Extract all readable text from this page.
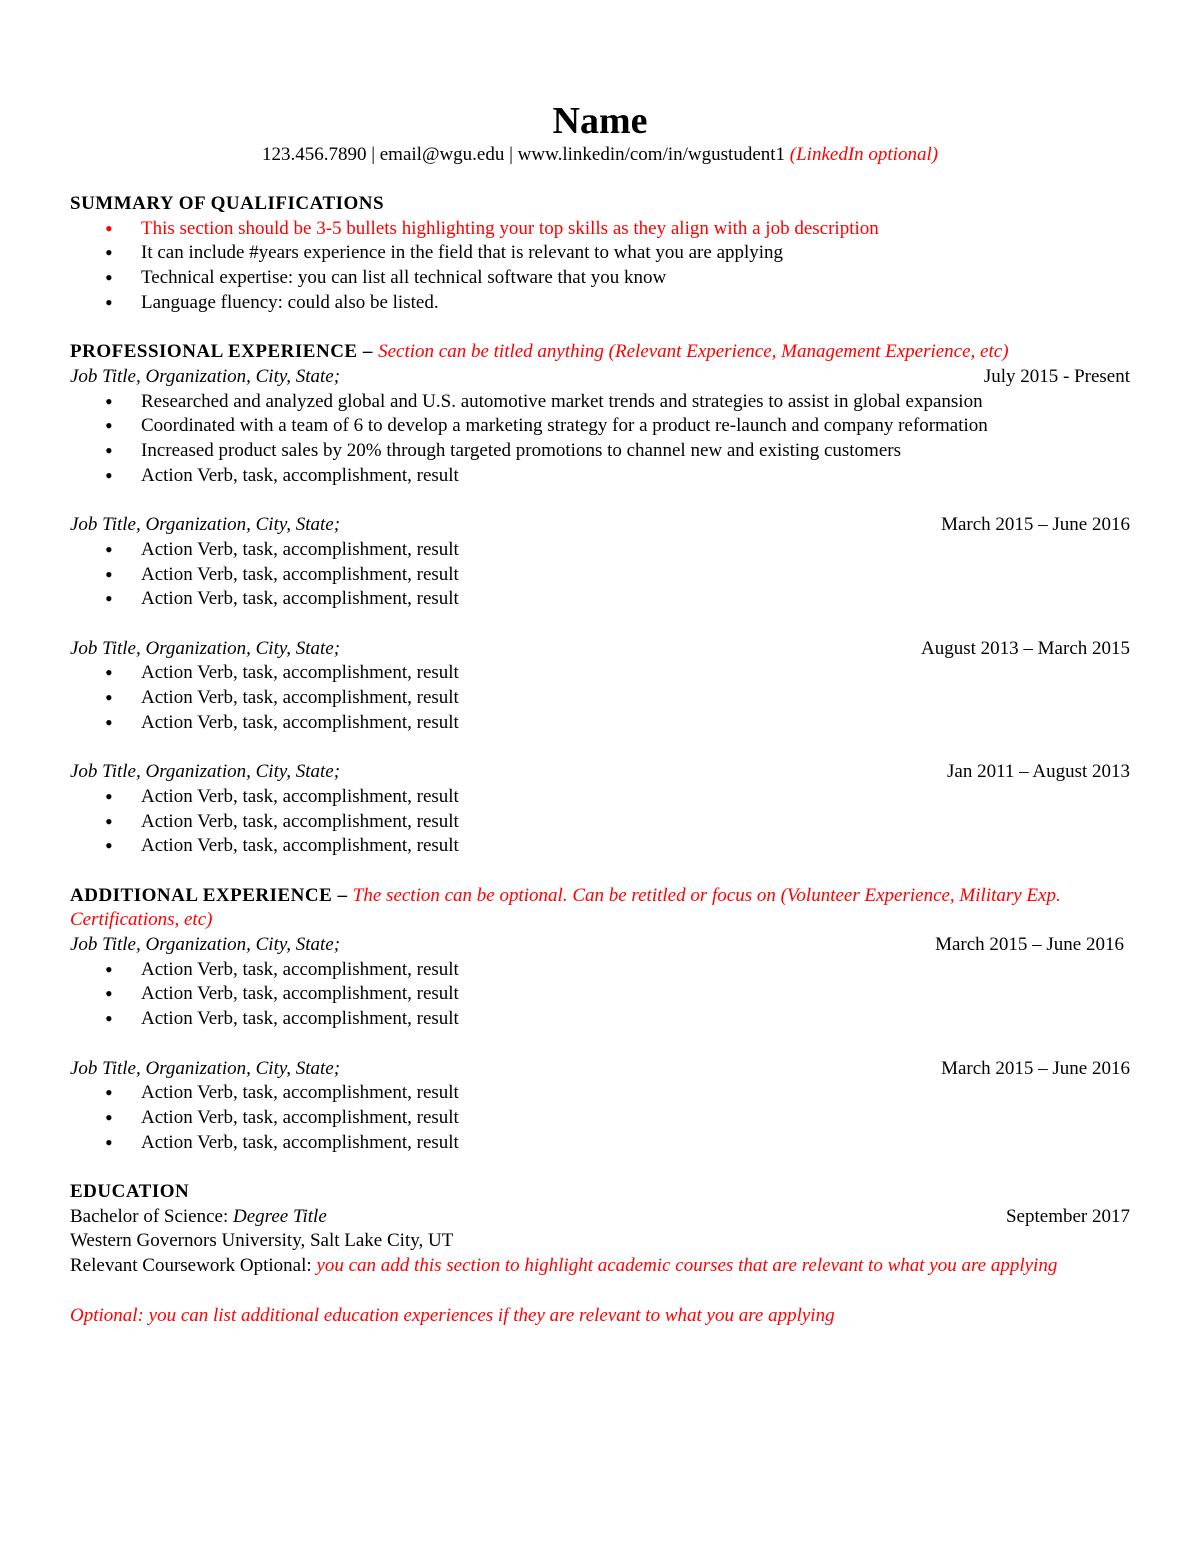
Name
123.456.7890 | email@wgu.edu | www.linkedin/com/in/wgustudent1 (LinkedIn optional)
SUMMARY OF QUALIFICATIONS
• This section should be 3-5 bullets highlighting your top skills as they align with a job description
• It can include #years experience in the field that is relevant to what you are applying
• Technical expertise: you can list all technical software that you know
• Language fluency: could also be listed.
PROFESSIONAL EXPERIENCE – Section can be titled anything (Relevant Experience, Management Experience, etc)
Job Title, Organization, City, State;	July 2015 - Present
• Researched and analyzed global and U.S. automotive market trends and strategies to assist in global expansion
• Coordinated with a team of 6 to develop a marketing strategy for a product re-launch and company reformation
• Increased product sales by 20% through targeted promotions to channel new and existing customers
• Action Verb, task, accomplishment, result
Job Title, Organization, City, State;	March 2015 – June 2016
• Action Verb, task, accomplishment, result
• Action Verb, task, accomplishment, result
• Action Verb, task, accomplishment, result
Job Title, Organization, City, State;	August 2013 – March 2015
• Action Verb, task, accomplishment, result
• Action Verb, task, accomplishment, result
• Action Verb, task, accomplishment, result
Job Title, Organization, City, State;	Jan 2011 – August 2013
• Action Verb, task, accomplishment, result
• Action Verb, task, accomplishment, result
• Action Verb, task, accomplishment, result
ADDITIONAL EXPERIENCE – The section can be optional. Can be retitled or focus on (Volunteer Experience, Military Exp. Certifications, etc)
Job Title, Organization, City, State;	March 2015 – June 2016
• Action Verb, task, accomplishment, result
• Action Verb, task, accomplishment, result
• Action Verb, task, accomplishment, result
Job Title, Organization, City, State;	March 2015 – June 2016
• Action Verb, task, accomplishment, result
• Action Verb, task, accomplishment, result
• Action Verb, task, accomplishment, result
EDUCATION
Bachelor of Science: Degree Title	September 2017
Western Governors University, Salt Lake City, UT
Relevant Coursework Optional: you can add this section to highlight academic courses that are relevant to what you are applying
Optional: you can list additional education experiences if they are relevant to what you are applying
